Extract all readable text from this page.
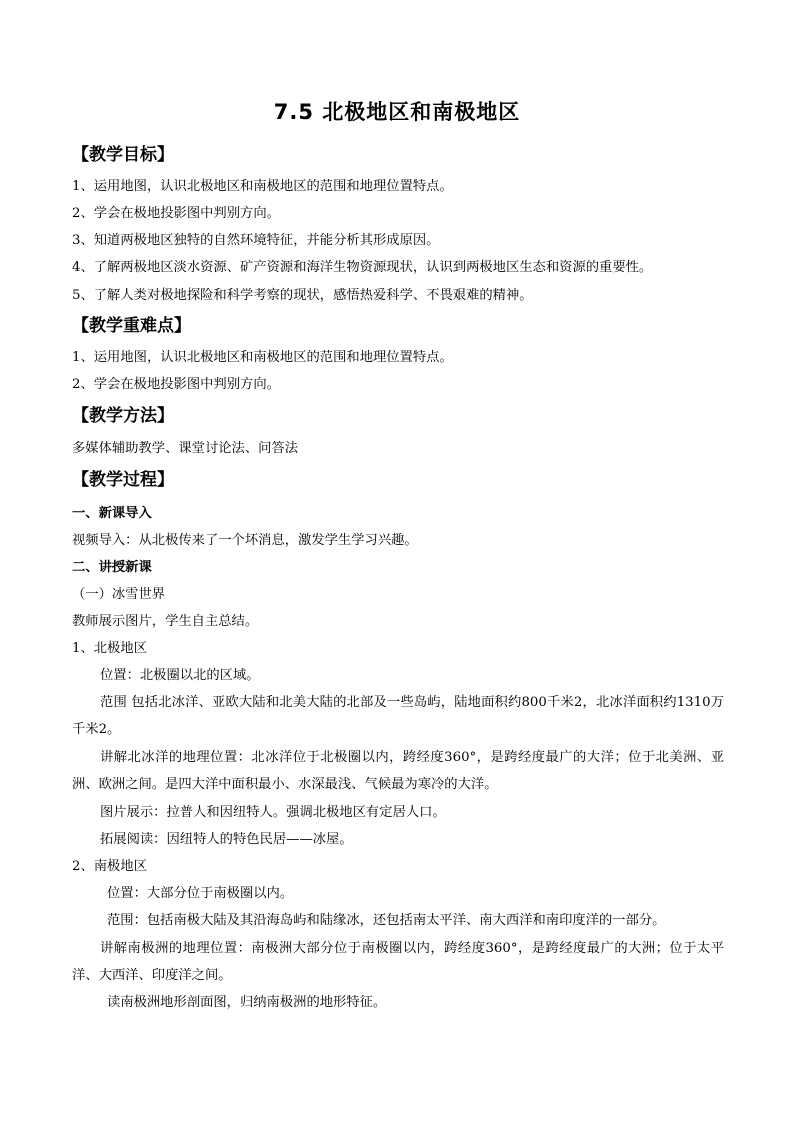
7.5 北极地区和南极地区
【教学目标】
1、运用地图，认识北极地区和南极地区的范围和地理位置特点。
2、学会在极地投影图中判别方向。
3、知道两极地区独特的自然环境特征，并能分析其形成原因。
4、了解两极地区淡水资源、矿产资源和海洋生物资源现状，认识到两极地区生态和资源的重要性。
5、了解人类对极地探险和科学考察的现状，感悟热爱科学、不畏艰难的精神。
【教学重难点】
1、运用地图，认识北极地区和南极地区的范围和地理位置特点。
2、学会在极地投影图中判别方向。
【教学方法】
多媒体辅助教学、课堂讨论法、问答法
【教学过程】
一、新课导入
视频导入：从北极传来了一个坏消息，激发学生学习兴趣。
二、讲授新课
（一）冰雪世界
教师展示图片，学生自主总结。
1、北极地区
位置：北极圈以北的区域。
范围 包括北冰洋、亚欧大陆和北美大陆的北部及一些岛屿，陆地面积约800千米2，北冰洋面积约1310万千米2。
讲解北冰洋的地理位置：北冰洋位于北极圈以内，跨经度360°，是跨经度最广的大洋；位于北美洲、亚洲、欧洲之间。是四大洋中面积最小、水深最浅、气候最为寒冷的大洋。
图片展示：拉普人和因纽特人。强调北极地区有定居人口。
拓展阅读：因纽特人的特色民居——冰屋。
2、南极地区
位置：大部分位于南极圈以内。
范围：包括南极大陆及其沿海岛屿和陆缘冰，还包括南太平洋、南大西洋和南印度洋的一部分。
讲解南极洲的地理位置：南极洲大部分位于南极圈以内，跨经度360°，是跨经度最广的大洲；位于太平洋、大西洋、印度洋之间。
读南极洲地形剖面图，归纳南极洲的地形特征。
